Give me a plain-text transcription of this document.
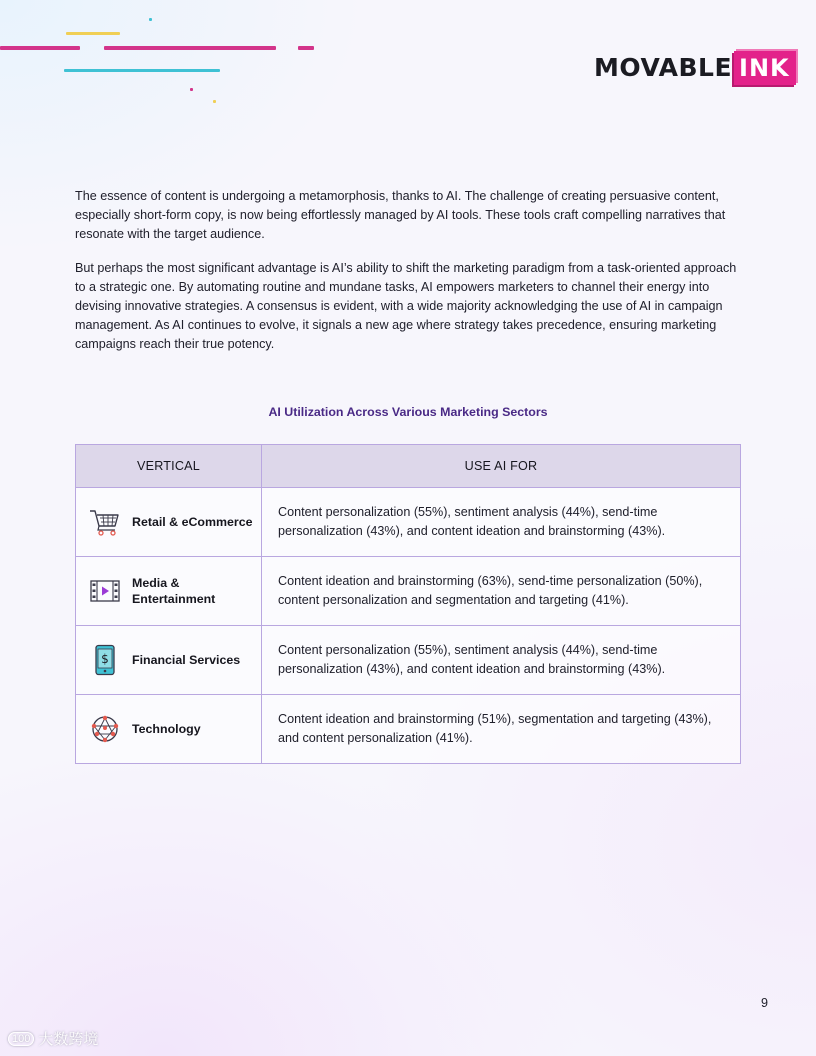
MOVABLE INK

The essence of content is undergoing a metamorphosis, thanks to AI. The challenge of creating persuasive content, especially short-form copy, is now being effortlessly managed by AI tools. These tools craft compelling narratives that resonate with the target audience.

But perhaps the most significant advantage is AI’s ability to shift the marketing paradigm from a task-oriented approach to a strategic one. By automating routine and mundane tasks, AI empowers marketers to channel their energy into devising innovative strategies. A consensus is evident, with a wide majority acknowledging the use of AI in campaign management. As AI continues to evolve, it signals a new age where strategy takes precedence, ensuring marketing campaigns reach their true potency.

AI Utilization Across Various Marketing Sectors
VERTICAL	USE AI FOR

Retail & eCommerce	Content personalization (55%), sentiment analysis (44%), send-time personalization (43%), and content ideation and brainstorming (43%).

Media & Entertainment	Content ideation and brainstorming (63%), send-time personalization (50%), content personalization and segmentation and targeting (41%).

$ Financial Services	Content personalization (55%), sentiment analysis (44%), send-time personalization (43%), and content ideation and brainstorming (43%).

Technology	Content ideation and brainstorming (51%), segmentation and targeting (43%), and content personalization (41%).
9
100 大数跨境
